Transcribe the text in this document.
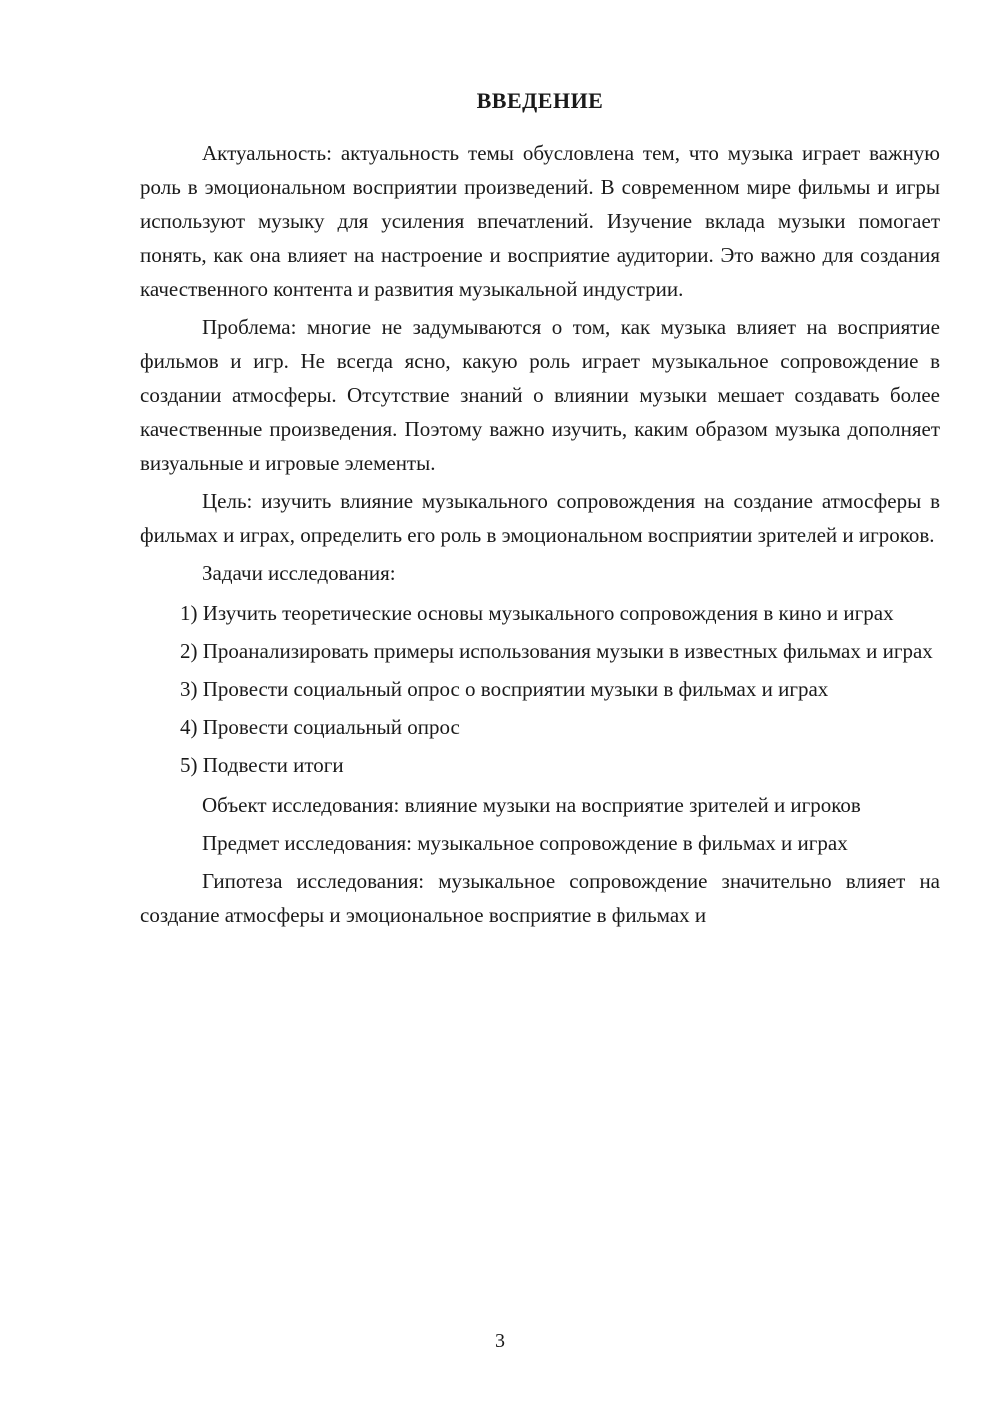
ВВЕДЕНИЕ

Актуальность: актуальность темы обусловлена тем, что музыка играет важную роль в эмоциональном восприятии произведений. В современном мире фильмы и игры используют музыку для усиления впечатлений. Изучение вклада музыки помогает понять, как она влияет на настроение и восприятие аудитории. Это важно для создания качественного контента и развития музыкальной индустрии.

Проблема: многие не задумываются о том, как музыка влияет на восприятие фильмов и игр. Не всегда ясно, какую роль играет музыкальное сопровождение в создании атмосферы. Отсутствие знаний о влиянии музыки мешает создавать более качественные произведения. Поэтому важно изучить, каким образом музыка дополняет визуальные и игровые элементы.

Цель: изучить влияние музыкального сопровождения на создание атмосферы в фильмах и играх, определить его роль в эмоциональном восприятии зрителей и игроков.

Задачи исследования:

1) Изучить теоретические основы музыкального сопровождения в кино и играх

2) Проанализировать примеры использования музыки в известных фильмах и играх

3) Провести социальный опрос о восприятии музыки в фильмах и играх

4) Провести социальный опрос

5) Подвести итоги

Объект исследования: влияние музыки на восприятие зрителей и игроков

Предмет исследования: музыкальное сопровождение в фильмах и играх

Гипотеза исследования: музыкальное сопровождение значительно влияет на создание атмосферы и эмоциональное восприятие в фильмах и

3
